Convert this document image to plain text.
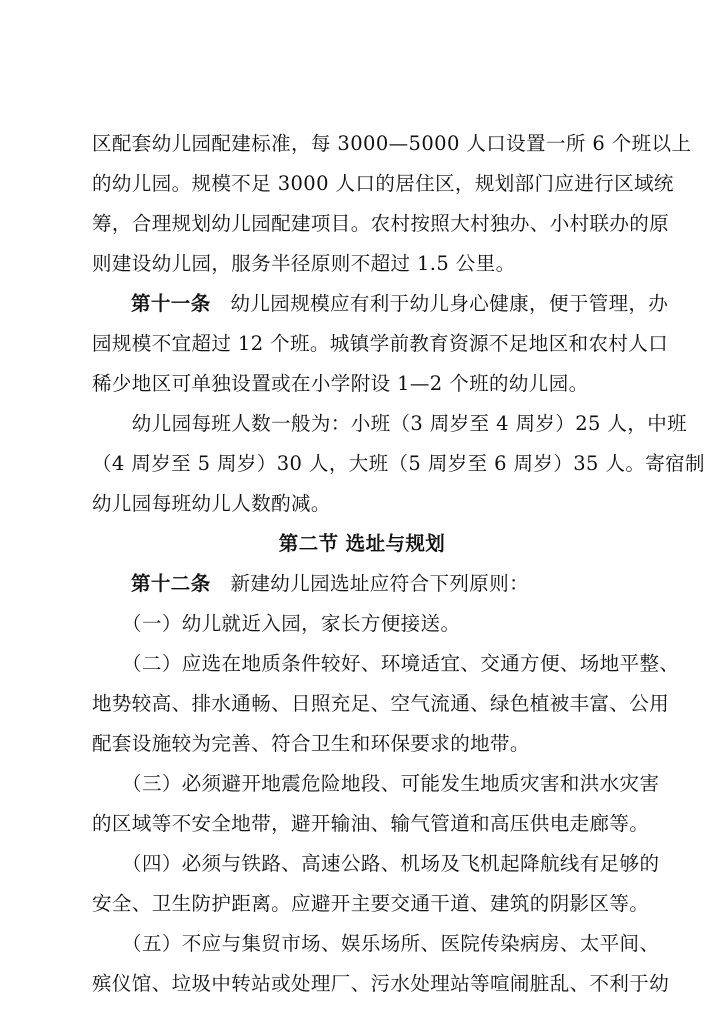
区配套幼儿园配建标准，每 3000—5000 人口设置一所 6 个班以上
的幼儿园。规模不足 3000 人口的居住区，规划部门应进行区域统
筹，合理规划幼儿园配建项目。农村按照大村独办、小村联办的原
则建设幼儿园，服务半径原则不超过 1.5 公里。
第十一条　幼儿园规模应有利于幼儿身心健康，便于管理，办
园规模不宜超过 12 个班。城镇学前教育资源不足地区和农村人口
稀少地区可单独设置或在小学附设 1—2 个班的幼儿园。
　　幼儿园每班人数一般为：小班（3 周岁至 4 周岁）25 人，中班
（4 周岁至 5 周岁）30 人，大班（5 周岁至 6 周岁）35 人。寄宿制
幼儿园每班幼儿人数酌减。
第二节 选址与规划
第十二条　新建幼儿园选址应符合下列原则：
　　（一）幼儿就近入园，家长方便接送。
　　（二）应选在地质条件较好、环境适宜、交通方便、场地平整、
地势较高、排水通畅、日照充足、空气流通、绿色植被丰富、公用
配套设施较为完善、符合卫生和环保要求的地带。
　　（三）必须避开地震危险地段、可能发生地质灾害和洪水灾害
的区域等不安全地带，避开输油、输气管道和高压供电走廊等。
　　（四）必须与铁路、高速公路、机场及飞机起降航线有足够的
安全、卫生防护距离。应避开主要交通干道、建筑的阴影区等。
　　（五）不应与集贸市场、娱乐场所、医院传染病房、太平间、
殡仪馆、垃圾中转站或处理厂、污水处理站等喧闹脏乱、不利于幼
